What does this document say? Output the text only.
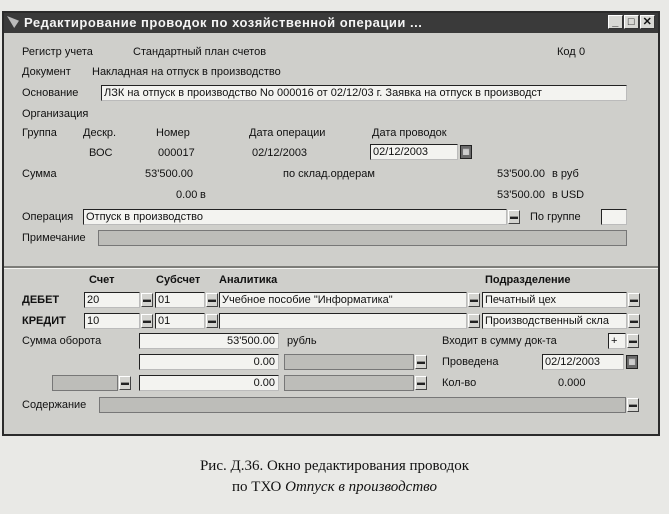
Редактирование проводок по хозяйственной операции ...	_ □ ✕
Регистр учета	Стандартный план счетов	Код 0
Документ Накладная на отпуск в производство
Основание ЛЗК на отпуск в производство No 000016 от 02/12/03 г. Заявка на отпуск в производст
Организация
Группа Дескр.	Номер	Дата операции	Дата проводок
ВОС	000017	02/12/2003	02/12/2003	▦
Сумма	53'500.00	по склад.ордерам	53'500.00 в руб
0.00 в	53'500.00 в USD
Операция Отпуск в производство	▬ По группе
Примечание
Счет	Субсчет Аналитика	Подразделение
ДЕБЕТ	20	▬ 01	▬ Учебное пособие "Информатика"	▬ Печатный цех	▬
КРЕДИТ 10	▬ 01	▬	▬ Производственный скла	▬
Сумма оборота	53'500.00	рубль	Входит в сумму док-та	+	▬
0.00	▬ Проведена	02/12/2003	▦
▬	0.00	▬ Кол-во	0.000
Содержание	▬
Рис. Д.36. Окно редактирования проводок
по ТХО Отпуск в производство
